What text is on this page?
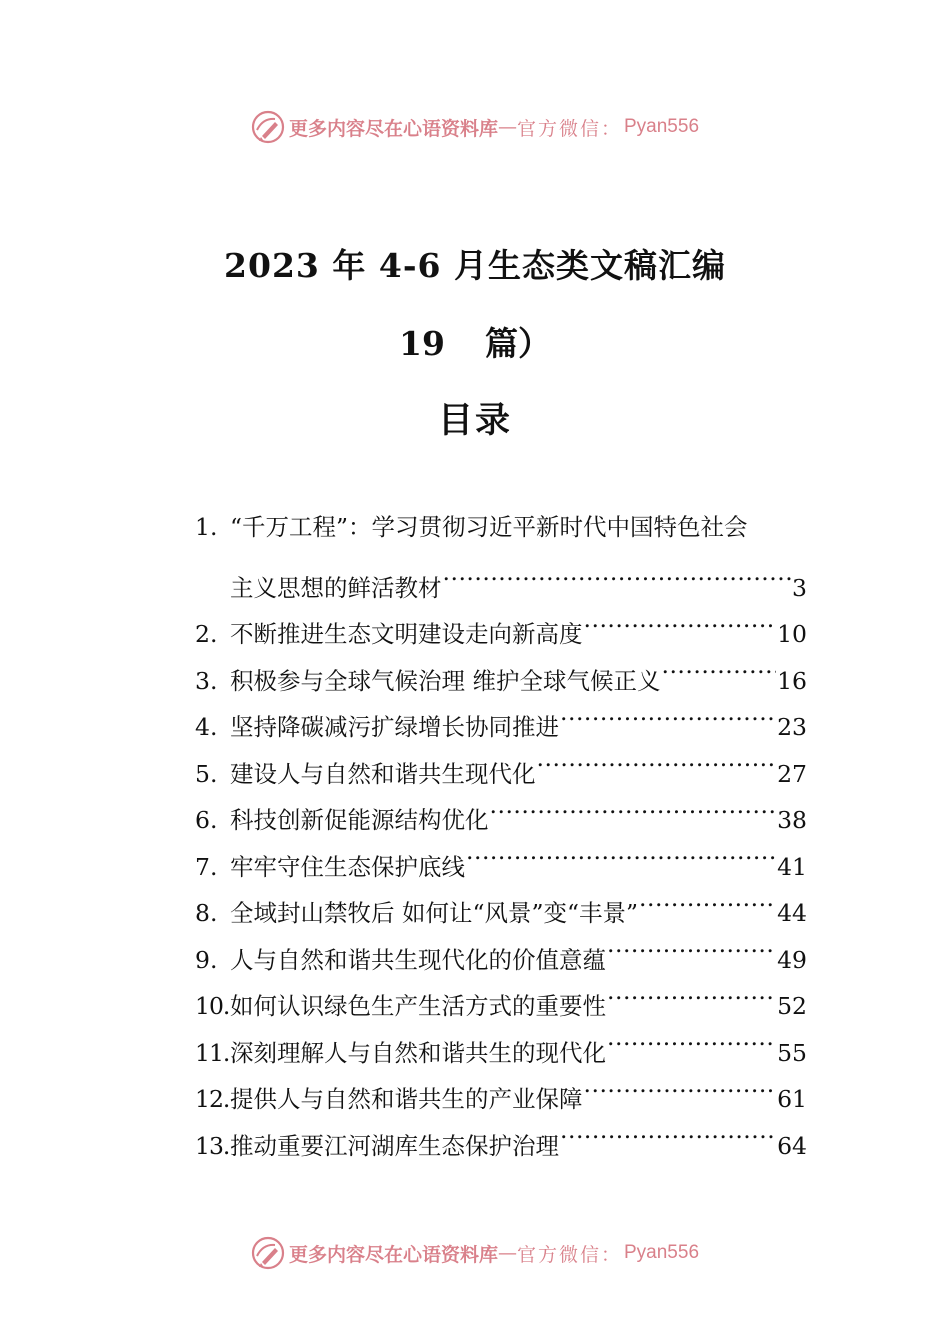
更多内容尽在心语资料库 — 官方微信： Pyan556
2023 年 4-6 月生态类文稿汇编
19 篇）
目录
1. “千万工程”：学习贯彻习近平新时代中国特色社会
主义思想的鲜活教材 .....	3
2. 不断推进生态文明建设走向新高度 .....	10
3. 积极参与全球气候治理 维护全球气候正义 .....	16
4. 坚持降碳减污扩绿增长协同推进 .....	23
5. 建设人与自然和谐共生现代化 .....	27
6. 科技创新促能源结构优化 .....	38
7. 牢牢守住生态保护底线 .....	41
8. 全域封山禁牧后 如何让“风景”变“丰景” .....	44
9. 人与自然和谐共生现代化的价值意蕴 .....	49
10. 如何认识绿色生产生活方式的重要性 .....	52
11. 深刻理解人与自然和谐共生的现代化 .....	55
12. 提供人与自然和谐共生的产业保障 .....	61
13. 推动重要江河湖库生态保护治理 .....	64
更多内容尽在心语资料库 — 官方微信： Pyan556
